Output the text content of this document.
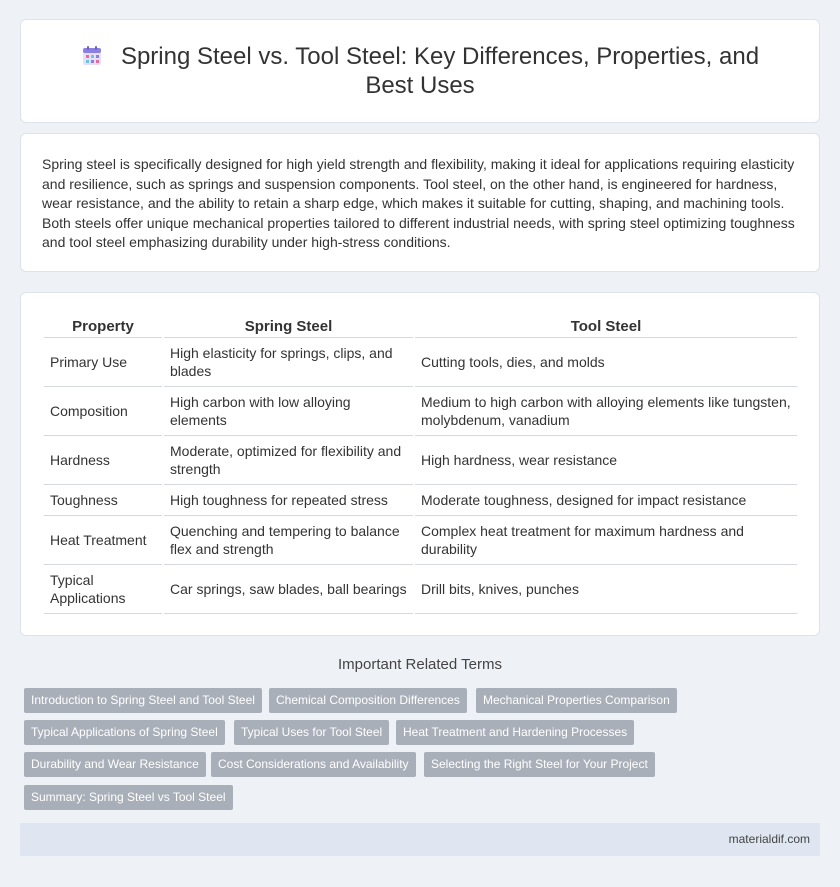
Spring Steel vs. Tool Steel: Key Differences, Properties, and Best Uses

Spring steel is specifically designed for high yield strength and flexibility, making it ideal for applications requiring elasticity and resilience, such as springs and suspension components. Tool steel, on the other hand, is engineered for hardness, wear resistance, and the ability to retain a sharp edge, which makes it suitable for cutting, shaping, and machining tools. Both steels offer unique mechanical properties tailored to different industrial needs, with spring steel optimizing toughness and tool steel emphasizing durability under high-stress conditions.

Property	Spring Steel	Tool Steel
Primary Use	High elasticity for springs, clips, and blades	Cutting tools, dies, and molds
Composition	High carbon with low alloying elements	Medium to high carbon with alloying elements like tungsten, molybdenum, vanadium
Hardness	Moderate, optimized for flexibility and strength	High hardness, wear resistance
Toughness	High toughness for repeated stress	Moderate toughness, designed for impact resistance
Heat Treatment	Quenching and tempering to balance flex and strength	Complex heat treatment for maximum hardness and durability
Typical Applications	Car springs, saw blades, ball bearings	Drill bits, knives, punches
Important Related Terms
Introduction to Spring Steel and Tool Steel	Chemical Composition Differences	Mechanical Properties Comparison
Typical Applications of Spring Steel	Typical Uses for Tool Steel	Heat Treatment and Hardening Processes
Durability and Wear Resistance	Cost Considerations and Availability	Selecting the Right Steel for Your Project
Summary: Spring Steel vs Tool Steel
materialdif.com
